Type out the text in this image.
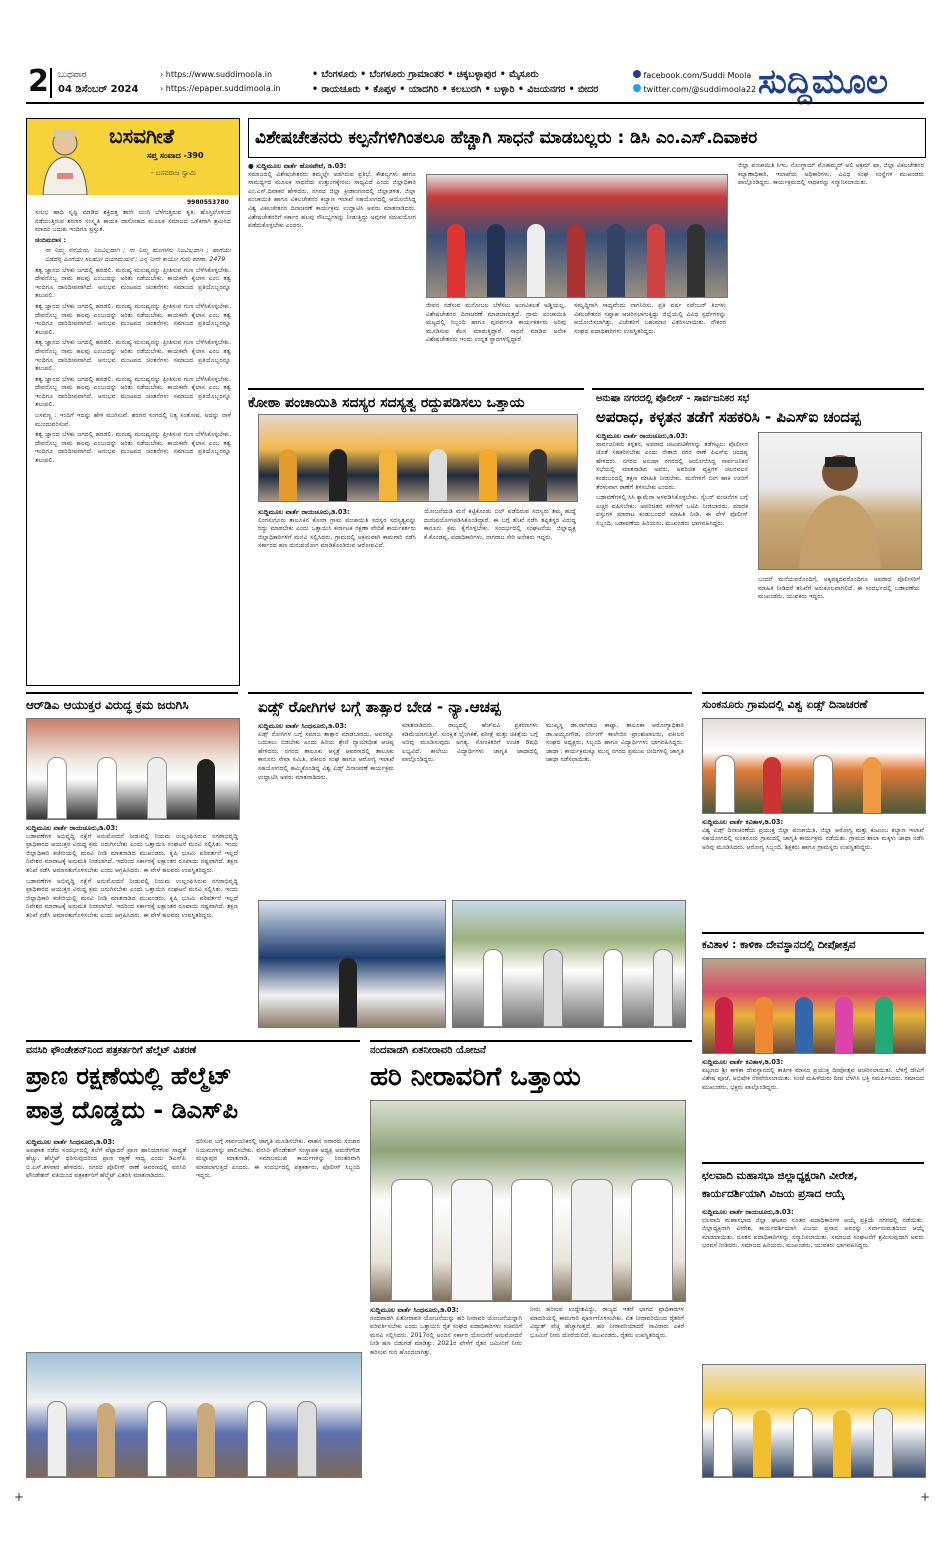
2 ಬುಧವಾರ
04 ಡಿಸೆಂಬರ್ 2024
› https://www.suddimoola.in
› https://epaper.suddimoola.in
• ಬೆಂಗಳೂರು • ಬೆಂಗಳೂರು ಗ್ರಾಮಾಂತರ • ಚಿಕ್ಕಬಳ್ಳಾಪುರ • ಮೈಸೂರು
• ರಾಯಚೂರು • ಕೊಪ್ಪಳ • ಯಾದಗಿರಿ • ಕಲಬುರಗಿ • ಬಳ್ಳಾರಿ • ವಿಜಯನಗರ • ಬೀದರ
facebook.com/Suddi Moola
twitter.com/@suddimoola22 ಸುದ್ದಿಮೂಲ
ಬಸವಗೀತೆ
ಸಪ್ತ ಸಂವಾದ -390
- ಬಸವರಾಜ ಸ್ವಾಮಿ
9980553780

ಸುಲಭ ಹಾದಿ ಸೃಷ್ಟಿ ಮಾಡಿದ ಶಕ್ತಿದತ್ತ ತಾನೇ ನುಂಗಿ ಬೆಳೆಗುತ್ತಿರುವ ಕೃತಿ. ಹೊಸ್ತಿಲೊಳಿಂದ ನಡೆಯುತ್ತಿರುವ ಶರಣರ ಸಂಸ್ಕೃತಿ ಕಾಯಕ ದಾಸೋಹದ ಮೂಲಕ ಸಮಾಜದ ಒಳಿತಿಗಾಗಿ ಶ್ರಮಿಸಿದ ಮಾದರಿ ಬದುಕು ಇಂದಿಗೂ ಪ್ರಸ್ತುತ.

ಚಂದಿಮದಾಸ :

ನಾ ನಿಮ್ಮ ನೆನೆಯೆನು, ನಿಜವಿಲ್ಲದಾಗಿ ; ನಾ ನಿಮ್ಮ ಹೊಗಳೆನು ನಿಜವಿಲ್ಲದಾಗಿ ; ಹಾಗೆಯೇ ಬಿಡದೆನ್ನ ಹಿಂಗೆಯೇ ಸಲಹೋ ದಯಾಮಯನೆ ; ಎನ್ನ ನೀನೇ ಕಾಯೋ ಗುರು ಶರಣಾ. 2479

ತತ್ವ ಜ್ಞಾನದ ಬೆಳಕು ಜಗದಲ್ಲಿ ಹರಡಲಿ. ಮನುಷ್ಯ ಮನುಷ್ಯನನ್ನು ಪ್ರೀತಿಸುವ ಗುಣ ಬೆಳೆಸಿಕೊಳ್ಳಬೇಕು. ದೇವನೊಬ್ಬ ನಾಮ ಹಲವು ಎಂಬುದನ್ನು ಅರಿತು ನಡೆಯಬೇಕು. ಕಾಯಕವೇ ಕೈಲಾಸ ಎಂಬ ತತ್ವ ಇಂದಿಗೂ ದಾರಿದೀಪವಾಗಿದೆ. ಅನುಭವ ಮಂಟಪದ ಚಿಂತನೆಗಳು ಸಮಾಜದ ಪ್ರತಿಯೊಬ್ಬರನ್ನೂ ತಲುಪಲಿ.

ತತ್ವ ಜ್ಞಾನದ ಬೆಳಕು ಜಗದಲ್ಲಿ ಹರಡಲಿ. ಮನುಷ್ಯ ಮನುಷ್ಯನನ್ನು ಪ್ರೀತಿಸುವ ಗುಣ ಬೆಳೆಸಿಕೊಳ್ಳಬೇಕು. ದೇವನೊಬ್ಬ ನಾಮ ಹಲವು ಎಂಬುದನ್ನು ಅರಿತು ನಡೆಯಬೇಕು. ಕಾಯಕವೇ ಕೈಲಾಸ ಎಂಬ ತತ್ವ ಇಂದಿಗೂ ದಾರಿದೀಪವಾಗಿದೆ. ಅನುಭವ ಮಂಟಪದ ಚಿಂತನೆಗಳು ಸಮಾಜದ ಪ್ರತಿಯೊಬ್ಬರನ್ನೂ ತಲುಪಲಿ.

ತತ್ವ ಜ್ಞಾನದ ಬೆಳಕು ಜಗದಲ್ಲಿ ಹರಡಲಿ. ಮನುಷ್ಯ ಮನುಷ್ಯನನ್ನು ಪ್ರೀತಿಸುವ ಗುಣ ಬೆಳೆಸಿಕೊಳ್ಳಬೇಕು. ದೇವನೊಬ್ಬ ನಾಮ ಹಲವು ಎಂಬುದನ್ನು ಅರಿತು ನಡೆಯಬೇಕು. ಕಾಯಕವೇ ಕೈಲಾಸ ಎಂಬ ತತ್ವ ಇಂದಿಗೂ ದಾರಿದೀಪವಾಗಿದೆ. ಅನುಭವ ಮಂಟಪದ ಚಿಂತನೆಗಳು ಸಮಾಜದ ಪ್ರತಿಯೊಬ್ಬರನ್ನೂ ತಲುಪಲಿ.

ತತ್ವ ಜ್ಞಾನದ ಬೆಳಕು ಜಗದಲ್ಲಿ ಹರಡಲಿ. ಮನುಷ್ಯ ಮನುಷ್ಯನನ್ನು ಪ್ರೀತಿಸುವ ಗುಣ ಬೆಳೆಸಿಕೊಳ್ಳಬೇಕು. ದೇವನೊಬ್ಬ ನಾಮ ಹಲವು ಎಂಬುದನ್ನು ಅರಿತು ನಡೆಯಬೇಕು. ಕಾಯಕವೇ ಕೈಲಾಸ ಎಂಬ ತತ್ವ ಇಂದಿಗೂ ದಾರಿದೀಪವಾಗಿದೆ. ಅನುಭವ ಮಂಟಪದ ಚಿಂತನೆಗಳು ಸಮಾಜದ ಪ್ರತಿಯೊಬ್ಬರನ್ನೂ ತಲುಪಲಿ.

ಬಸವಣ್ಣ : ಇಂದಿಗೆ ಇದನ್ನು ಹೇಳಿ ಮುಗಿಸುವೆ. ಶರಣರ ಸಂಗದಲ್ಲಿ ನಿತ್ಯ ಸಂತೋಷ. ಅದನ್ನು ನಾಳೆ ಮುಂದುವರಿಸುವೆ.

ತತ್ವ ಜ್ಞಾನದ ಬೆಳಕು ಜಗದಲ್ಲಿ ಹರಡಲಿ. ಮನುಷ್ಯ ಮನುಷ್ಯನನ್ನು ಪ್ರೀತಿಸುವ ಗುಣ ಬೆಳೆಸಿಕೊಳ್ಳಬೇಕು. ದೇವನೊಬ್ಬ ನಾಮ ಹಲವು ಎಂಬುದನ್ನು ಅರಿತು ನಡೆಯಬೇಕು. ಕಾಯಕವೇ ಕೈಲಾಸ ಎಂಬ ತತ್ವ ಇಂದಿಗೂ ದಾರಿದೀಪವಾಗಿದೆ. ಅನುಭವ ಮಂಟಪದ ಚಿಂತನೆಗಳು ಸಮಾಜದ ಪ್ರತಿಯೊಬ್ಬರನ್ನೂ ತಲುಪಲಿ.

ವಿಶೇಷಚೇತನರು ಕಲ್ಪನೆಗಳಿಗಿಂತಲೂ ಹೆಚ್ಚಾಗಿ ಸಾಧನೆ ಮಾಡಬಲ್ಲರು : ಡಿಸಿ ಎಂ.ಎಸ್.ದಿವಾಕರ
● ಸುದ್ದಿಮೂಲ ವಾರ್ತೆ ಹೊಸಪೇಟೆ, ಡಿ.03:

ಸಮಾಜದಲ್ಲಿ ವಿಶೇಷಚೇತನರು ತಮ್ಮಲ್ಲೇ ಅಡಗಿರುವ ಪ್ರತಿಭೆ, ಕೌಶಲ್ಯಗಳು ಹಾಗೂ ಸಾಮರ್ಥ್ಯದ ಮೂಲಕ ಸಾಧನೆಯ ಉತ್ತುಂಗಕ್ಕೇರಲು ಸಾಧ್ಯವಿದೆ ಎಂದು ಜಿಲ್ಲಾಧಿಕಾರಿ ಎಂ.ಎಸ್.ದಿವಾಕರ ಹೇಳಿದರು. ನಗರದ ಜಿಲ್ಲಾ ಕ್ರೀಡಾಂಗಣದಲ್ಲಿ ಜಿಲ್ಲಾಡಳಿತ, ಜಿಲ್ಲಾ ಪಂಚಾಯಿತಿ ಹಾಗೂ ವಿಕಲಚೇತನರ ಕಲ್ಯಾಣ ಇಲಾಖೆ ಸಹಯೋಗದಲ್ಲಿ ಆಯೋಜಿಸಿದ್ದ ವಿಶ್ವ ವಿಕಲಚೇತನರ ದಿನಾಚರಣೆ ಕಾರ್ಯಕ್ರಮ ಉದ್ಘಾಟಿಸಿ ಅವರು ಮಾತನಾಡಿದರು. ವಿಶೇಷಚೇತನರಿಗೆ ಸರ್ಕಾರ ಹಲವು ಸೌಲಭ್ಯಗಳನ್ನು ನೀಡುತ್ತಿದ್ದು ಅವುಗಳ ಸದುಪಯೋಗ ಪಡೆದುಕೊಳ್ಳಬೇಕು ಎಂದರು.

ಜೀವನ ನಡೆಸುವ ಮನೋಬಲ ಬೆಳೆಸಲು ಅಂಗವಿಕಲತೆ ಅಡ್ಡಿಯಲ್ಲ, ವಿಶೇಷಚೇತನರ ದಿನಾಚರಣೆ ಮಾಡಲಾಗುತ್ತದೆ. ಗ್ರಾಮ ಪಂಚಾಯಿತಿ ಮಟ್ಟದಲ್ಲಿ ಸಿಬ್ಬಂದಿ ಹಾಗೂ ಪುನರ್ವಸತಿ ಕಾರ್ಯಕರ್ತರು ಅರಿವು ಮೂಡಿಸುವ ಕೆಲಸ ಮಾಡುತ್ತಿದ್ದಾರೆ. ಸಾಧನೆ ಮಾಡಿದ ಅನೇಕ ವಿಶೇಷಚೇತನರು ಇಂದು ಉನ್ನತ ಸ್ಥಾನಗಳಲ್ಲಿದ್ದಾರೆ.
ಸಮೃದ್ಧಿಗಾಗಿ ಸಾಧ್ಯವೆಂದು ನಾಗನಿರಿಸು. ಪ್ರತಿ ವರ್ಷ ನವೆಂಬರ್ ತಿಂಗಳು ವಿಕಲಚೇತನರ ಸಪ್ತಾಹ ಆಚರಿಸಲಾಗುತ್ತಿದ್ದು ಜಿಲ್ಲೆಯಲ್ಲಿ ವಿವಿಧ ಸ್ಪರ್ಧೆಗಳನ್ನು ಆಯೋಜಿಸಲಾಗಿತ್ತು. ವಿಜೇತರಿಗೆ ಬಹುಮಾನ ವಿತರಿಸಲಾಯಿತು. ನೌಕರರ ಸಂಘದ ಪದಾಧಿಕಾರಿಗಳು ಉಪಸ್ಥಿತರಿದ್ದರು.
ಜಿಲ್ಲಾ ಪಂಚಾಯಿತಿ ಸಿಇಒ ನೊಂಗ್ಜಾಯ್ ಮೊಹಮ್ಮದ್ ಅಲಿ ಅಕ್ರಮ್ ಷಾ, ಜಿಲ್ಲಾ ವಿಕಲಚೇತನರ ಕಲ್ಯಾಣಾಧಿಕಾರಿ, ಇಲಾಖೆಯ ಅಧಿಕಾರಿಗಳು, ವಿವಿಧ ಸಂಘ ಸಂಸ್ಥೆಗಳ ಮುಖಂಡರು ಪಾಲ್ಗೊಂಡಿದ್ದರು. ಕಾರ್ಯಕ್ರಮದಲ್ಲಿ ಸಾಧಕರನ್ನು ಸನ್ಮಾನಿಸಲಾಯಿತು.
ಕೋಠಾ ಪಂಚಾಯಿತಿ ಸದಸ್ಯರ ಸದಸ್ಯತ್ವ ರದ್ದುಪಡಿಸಲು ಒತ್ತಾಯ
ಸುದ್ದಿಮೂಲ ವಾರ್ತೆ ರಾಯಚೂರು,ಡಿ.03:

ಲಿಂಗಸುಗೂರು ತಾಲೂಕಿನ ಕೋಠಾ ಗ್ರಾಮ ಪಂಚಾಯಿತಿ ಸದಸ್ಯರ ಸದಸ್ಯತ್ವವನ್ನು ರದ್ದು ಮಾಡಬೇಕು ಎಂದು ಒತ್ತಾಯಿಸಿ ಕರ್ನಾಟಕ ರಕ್ಷಣಾ ವೇದಿಕೆ ಕಾರ್ಯಕರ್ತರು ಜಿಲ್ಲಾಧಿಕಾರಿಗಳಿಗೆ ಮನವಿ ಸಲ್ಲಿಸಿದರು. ಗ್ರಾಮದಲ್ಲಿ ಅಕ್ರಮವಾಗಿ ಕಾಮಗಾರಿ ನಡೆಸಿ ಸರ್ಕಾರದ ಹಣ ದುರುಪಯೋಗ ಮಾಡಿಕೊಂಡಿರುವ ಆರೋಪವಿದೆ.

ಯೋಜನೆಯಡಿ ಮನೆ ಕಟ್ಟಿಕೊಂಡು ಬಿಲ್ ಪಡೆದಿರುವ ಸದಸ್ಯರು ತಮ್ಮ ಹುದ್ದೆ ದುರುಪಯೋಗಪಡಿಸಿಕೊಂಡಿದ್ದಾರೆ. ಈ ಬಗ್ಗೆ ತನಿಖೆ ನಡೆಸಿ ತಪ್ಪಿತಸ್ಥರ ವಿರುದ್ಧ ಕಾನೂನು ಕ್ರಮ ಕೈಗೊಳ್ಳಬೇಕು. ಸಂದರ್ಭದಲ್ಲಿ ಸಂಘಟನೆಯ ಜಿಲ್ಲಾಧ್ಯಕ್ಷ ಕೆ.ಕೊಂಡಪ್ಪ, ಪದಾಧಿಕಾರಿಗಳು, ನಾಗರಾಜ ಸೇರಿ ಅನೇಕರು ಇದ್ದರು.
ಅನುಷಾ ನಗರದಲ್ಲಿ ಪೊಲೀಸ್ - ಸಾರ್ವಜನಿಕರ ಸಭೆ
ಅಪರಾಧ, ಕಳ್ಳತನ ತಡೆಗೆ ಸಹಕರಿಸಿ - ಪಿಎಸ್‌ಐ ಚಂದಪ್ಪ
ಸುದ್ದಿಮೂಲ ವಾರ್ತೆ ರಾಯಚೂರು,ಡಿ.03:

ಸಾರ್ವಜನಿಕರು ಕಳ್ಳತನ, ಅಪರಾಧ ಚಟುವಟಿಕೆಗಳನ್ನು ತಡೆಗಟ್ಟಲು ಪೊಲೀಸರ ಜೊತೆ ಸಹಕರಿಸಬೇಕು ಎಂದು ನೇತಾಜಿ ನಗರ ಠಾಣೆ ಪಿಎಸ್‌ಐ ಚಂದಪ್ಪ ಹೇಳಿದರು. ನಗರದ ಅನುಷಾ ನಗರದಲ್ಲಿ ಆಯೋಜಿಸಿದ್ದ ಸಾರ್ವಜನಿಕರ ಸಭೆಯಲ್ಲಿ ಮಾತನಾಡಿದ ಅವರು, ಅಪರಿಚಿತ ವ್ಯಕ್ತಿಗಳ ಚಲನವಲನ ಕಂಡುಬಂದಲ್ಲಿ ತಕ್ಷಣ ಮಾಹಿತಿ ನೀಡಬೇಕು. ಮನೆಗಳಿಗೆ ಬೀಗ ಹಾಕಿ ಊರಿಗೆ ತೆರಳುವಾಗ ಠಾಣೆಗೆ ತಿಳಿಸಬೇಕು ಎಂದರು.

ಬಡಾವಣೆಗಳಲ್ಲಿ ಸಿಸಿ ಕ್ಯಾಮೆರಾ ಅಳವಡಿಸಿಕೊಳ್ಳಬೇಕು. ಸೈಬರ್ ವಂಚನೆಗಳ ಬಗ್ಗೆ ಎಚ್ಚರ ವಹಿಸಬೇಕು. ಅಪರಿಚಿತರ ಕರೆಗಳಿಗೆ ಒಟಿಪಿ ನೀಡಬಾರದು. ಮಾದಕ ವಸ್ತುಗಳ ಮಾರಾಟ ಕಂಡುಬಂದರೆ ಮಾಹಿತಿ ನೀಡಿ. ಈ ವೇಳೆ ಪೊಲೀಸ್ ಸಿಬ್ಬಂದಿ, ಬಡಾವಣೆಯ ಹಿರಿಯರು, ಮುಖಂಡರು ಭಾಗವಹಿಸಿದ್ದರು.

ಬಂದರೆ ಮನೆಯವರೊಂದಿಗೆ, ಅಕ್ಕಪಕ್ಕದವರೊಂದಿಗೂ ಅಪರಾಧ ಪೊಲೀಸರಿಗೆ ಮಾಹಿತಿ ನೀಡಿದರೆ ತನಿಖೆಗೆ ಅನುಕೂಲವಾಗಲಿದೆ. ಈ ಸಂದರ್ಭದಲ್ಲಿ ಬಡಾವಣೆಯ ಮುಖಂಡರು, ಯುವಕರು ಇದ್ದರು.
ಆರ್‌ಡಿಎ ಆಯುಕ್ತರ ವಿರುದ್ಧ ಕ್ರಮ ಜರುಗಿಸಿ
ಸುದ್ದಿಮೂಲ ವಾರ್ತೆ ರಾಯಚೂರು,ಡಿ.03:

ಬಡಾವಣೆಗಳ ಅಭಿವೃದ್ಧಿ ನಕ್ಷೆಗೆ ಅನುಮೋದನೆ ನೀಡುವಲ್ಲಿ ನಿಯಮ ಉಲ್ಲಂಘಿಸಿರುವ ನಗರಾಭಿವೃದ್ಧಿ ಪ್ರಾಧಿಕಾರದ ಆಯುಕ್ತರ ವಿರುದ್ಧ ಕ್ರಮ ಜರುಗಿಸಬೇಕು ಎಂದು ಒತ್ತಾಯಿಸಿ ಸಂಘಟನೆ ಮನವಿ ಸಲ್ಲಿಸಿತು. ಇಂದು ಜಿಲ್ಲಾಧಿಕಾರಿ ಕಚೇರಿಯಲ್ಲಿ ಮನವಿ ನೀಡಿ ಮಾತನಾಡಿದ ಮುಖಂಡರು, ಕೃಷಿ ಭೂಮಿ ಪರಿವರ್ತನೆ ಇಲ್ಲದೆ ನಿವೇಶನ ಮಾರಾಟಕ್ಕೆ ಅನುಮತಿ ನೀಡಲಾಗಿದೆ. ಇದರಿಂದ ಸರ್ಕಾರಕ್ಕೆ ಲಕ್ಷಾಂತರ ರೂಪಾಯಿ ನಷ್ಟವಾಗಿದೆ. ತಕ್ಷಣ ತನಿಖೆ ನಡೆಸಿ ಅಮಾನತುಗೊಳಿಸಬೇಕು ಎಂದು ಆಗ್ರಹಿಸಿದರು. ಈ ವೇಳೆ ಹಲವರು ಉಪಸ್ಥಿತರಿದ್ದರು.

ಬಡಾವಣೆಗಳ ಅಭಿವೃದ್ಧಿ ನಕ್ಷೆಗೆ ಅನುಮೋದನೆ ನೀಡುವಲ್ಲಿ ನಿಯಮ ಉಲ್ಲಂಘಿಸಿರುವ ನಗರಾಭಿವೃದ್ಧಿ ಪ್ರಾಧಿಕಾರದ ಆಯುಕ್ತರ ವಿರುದ್ಧ ಕ್ರಮ ಜರುಗಿಸಬೇಕು ಎಂದು ಒತ್ತಾಯಿಸಿ ಸಂಘಟನೆ ಮನವಿ ಸಲ್ಲಿಸಿತು. ಇಂದು ಜಿಲ್ಲಾಧಿಕಾರಿ ಕಚೇರಿಯಲ್ಲಿ ಮನವಿ ನೀಡಿ ಮಾತನಾಡಿದ ಮುಖಂಡರು, ಕೃಷಿ ಭೂಮಿ ಪರಿವರ್ತನೆ ಇಲ್ಲದೆ ನಿವೇಶನ ಮಾರಾಟಕ್ಕೆ ಅನುಮತಿ ನೀಡಲಾಗಿದೆ. ಇದರಿಂದ ಸರ್ಕಾರಕ್ಕೆ ಲಕ್ಷಾಂತರ ರೂಪಾಯಿ ನಷ್ಟವಾಗಿದೆ. ತಕ್ಷಣ ತನಿಖೆ ನಡೆಸಿ ಅಮಾನತುಗೊಳಿಸಬೇಕು ಎಂದು ಆಗ್ರಹಿಸಿದರು. ಈ ವೇಳೆ ಹಲವರು ಉಪಸ್ಥಿತರಿದ್ದರು.

ಏಡ್ಸ್ ರೋಗಿಗಳ ಬಗ್ಗೆ ತಾತ್ಸಾರ ಬೇಡ - ನ್ಯಾ.ಆಚಪ್ಪ
ಸುದ್ದಿಮೂಲ ವಾರ್ತೆ ಸಿಂಧನೂರು,ಡಿ.03:

ಏಡ್ಸ್ ರೋಗಿಗಳ ಬಗ್ಗೆ ಸಮಾಜ ತಾತ್ಸಾರ ಮಾಡಬಾರದು, ಅವರನ್ನೂ ಬದುಕಲು ಬಿಡಬೇಕು ಎಂದು ಹಿರಿಯ ಶ್ರೇಣಿ ನ್ಯಾಯಾಧೀಶ ಆಚಪ್ಪ ಹೇಳಿದರು. ನಗರದ ತಾಲೂಕು ಆಸ್ಪತ್ರೆ ಆವರಣದಲ್ಲಿ ತಾಲೂಕು ಕಾನೂನು ಸೇವಾ ಸಮಿತಿ, ವಕೀಲರ ಸಂಘ ಹಾಗೂ ಆರೋಗ್ಯ ಇಲಾಖೆ ಸಹಯೋಗದಲ್ಲಿ ಹಮ್ಮಿಕೊಂಡಿದ್ದ ವಿಶ್ವ ಏಡ್ಸ್ ದಿನಾಚರಣೆ ಕಾರ್ಯಕ್ರಮ ಉದ್ಘಾಟಿಸಿ ಅವರು ಮಾತನಾಡಿದರು.

ಮಾತನಾಡಿದರು. ರಾಜ್ಯದಲ್ಲಿ ಹೆಚ್‌ಐವಿ ಪ್ರಕರಣಗಳು ಕಡಿಮೆಯಾಗುತ್ತಿವೆ. ಸುರಕ್ಷಿತ ಲೈಂಗಿಕತೆ, ಪರೀಕ್ಷೆ ಮತ್ತು ಚಿಕಿತ್ಸೆಯ ಬಗ್ಗೆ ಅರಿವು ಮೂಡಿಸುವುದು ಅಗತ್ಯ. ಸೋಂಕಿತರಿಗೆ ಉಚಿತ ಔಷಧಿ ಲಭ್ಯವಿದೆ. ಕಾಲೇಜು ವಿದ್ಯಾರ್ಥಿಗಳು ಜಾಗೃತಿ ಜಾಥಾದಲ್ಲಿ ಪಾಲ್ಗೊಂಡಿದ್ದರು.
ಮುಖ್ಯಸ್ಥ ಡಾ.ನಾಗರಾಜ ಕಾಟ್ವಾ, ತಾಲೂಕಾ ಆರೋಗ್ಯಾಧಿಕಾರಿ ಡಾ.ಅಯ್ಯನಗೌಡ, ನರ್ಸಿಂಗ್ ಕಾಲೇಜಿನ ಪ್ರಾಂಶುಪಾಲರು, ವಕೀಲರ ಸಂಘದ ಅಧ್ಯಕ್ಷರು, ಸಿಬ್ಬಂದಿ ಹಾಗೂ ವಿದ್ಯಾರ್ಥಿಗಳು ಭಾಗವಹಿಸಿದ್ದರು. ಜಾಥಾ : ಕಾರ್ಯಕ್ರಮಕ್ಕೂ ಮುನ್ನ ನಗರದ ಪ್ರಮುಖ ಬೀದಿಗಳಲ್ಲಿ ಜಾಗೃತಿ ಜಾಥಾ ನಡೆಸಲಾಯಿತು.
ಸುಂಕನೂರು ಗ್ರಾಮದಲ್ಲಿ ವಿಶ್ವ ಏಡ್ಸ್ ದಿನಾಚರಣೆ
ಸುದ್ದಿಮೂಲ ವಾರ್ತೆ ಕವಿತಾಳ,ಡಿ.03:

ವಿಶ್ವ ಏಡ್ಸ್ ದಿನಾಚರಣೆಯ ಪ್ರಯುಕ್ತ ಜಿಲ್ಲಾ ಪಂಚಾಯಿತಿ, ಜಿಲ್ಲಾ ಆರೋಗ್ಯ ಮತ್ತು ಕುಟುಂಬ ಕಲ್ಯಾಣ ಇಲಾಖೆ ಸಹಯೋಗದಲ್ಲಿ ಸುಂಕನೂರು ಗ್ರಾಮದಲ್ಲಿ ಜಾಗೃತಿ ಕಾರ್ಯಕ್ರಮ ನಡೆಯಿತು. ಗ್ರಾಮದ ಶಾಲಾ ಮಕ್ಕಳು ಜಾಥಾ ನಡೆಸಿ ಅರಿವು ಮೂಡಿಸಿದರು. ಆರೋಗ್ಯ ಸಿಬ್ಬಂದಿ, ಶಿಕ್ಷಕರು ಹಾಗೂ ಗ್ರಾಮಸ್ಥರು ಉಪಸ್ಥಿತರಿದ್ದರು.

ಕವಿತಾಳ : ಕಾಳಿಕಾ ದೇವಸ್ಥಾನದಲ್ಲಿ ದೀಪೋತ್ಸವ
ಸುದ್ದಿಮೂಲ ವಾರ್ತೆ ಕವಿತಾಳ,ಡಿ.03:

ಪಟ್ಟಣದ ಶ್ರೀ ಕಾಳಿಕಾ ದೇವಸ್ಥಾನದಲ್ಲಿ ಕಾರ್ತಿಕ ಮಾಸದ ಪ್ರಯುಕ್ತ ದೀಪೋತ್ಸವ ಆಚರಿಸಲಾಯಿತು. ಬೆಳಿಗ್ಗೆ ದೇವಿಗೆ ವಿಶೇಷ ಪೂಜೆ, ಅಭಿಷೇಕ ನೆರವೇರಿಸಲಾಯಿತು. ಸಂಜೆ ಮಹಿಳೆಯರು ದೀಪ ಬೆಳಗಿಸಿ ಭಕ್ತಿ ಸಮರ್ಪಿಸಿದರು. ಸಮಾಜದ ಮುಖಂಡರು, ಭಕ್ತರು ಪಾಲ್ಗೊಂಡಿದ್ದರು.

ವನಸಿರಿ ಫೌಂಡೇಶನ್‌ನಿಂದ ಪತ್ರಕರ್ತರಿಗೆ ಹೆಲ್ಮೆಟ್ ವಿತರಣೆ
ಪ್ರಾಣ ರಕ್ಷಣೆಯಲ್ಲಿ ಹೆಲ್ಮೆಟ್
ಪಾತ್ರ ದೊಡ್ಡದು - ಡಿಎಸ್‌ಪಿ
ಸುದ್ದಿಮೂಲ ವಾರ್ತೆ ಸಿಂಧನೂರು,ಡಿ.03:

ಅಪಘಾತ ನಡೆದ ಸಂದರ್ಭದಲ್ಲಿ ತಲೆಗೆ ಪೆಟ್ಟಾದರೆ ಪ್ರಾಣ ಹಾನಿಯಾಗುವ ಸಾಧ್ಯತೆ ಹೆಚ್ಚು. ಹೆಲ್ಮೆಟ್ ಧರಿಸುವುದರಿಂದ ಪ್ರಾಣ ರಕ್ಷಣೆ ಸಾಧ್ಯ ಎಂದು ಡಿಎಸ್‌ಪಿ ಬಿ.ಎಸ್.ತಳವಾರ ಹೇಳಿದರು. ನಗರದ ಪೊಲೀಸ್ ಠಾಣೆ ಆವರಣದಲ್ಲಿ ವನಸಿರಿ ಫೌಂಡೇಶನ್ ವತಿಯಿಂದ ಪತ್ರಕರ್ತರಿಗೆ ಹೆಲ್ಮೆಟ್ ವಿತರಿಸಿ ಮಾತನಾಡಿದರು.

ಧರಿಸುವ ಬಗ್ಗೆ ಸಾರ್ವಜನಿಕರಲ್ಲಿ ಜಾಗೃತಿ ಮೂಡಿಸಬೇಕು. ವಾಹನ ಸವಾರರು ಸಂಚಾರ ನಿಯಮಗಳನ್ನು ಪಾಲಿಸಬೇಕು. ವನಸಿರಿ ಫೌಂಡೇಶನ್ ಸಂಸ್ಥಾಪಕ ಅಧ್ಯಕ್ಷ ಅಮರೇಗೌಡ ಮಲ್ಲಾಪುರ ಮಾತನಾಡಿ, ಸಮಾಜಮುಖಿ ಕಾರ್ಯಗಳನ್ನು ನಿರಂತರವಾಗಿ ಮಾಡಲಾಗುತ್ತಿದೆ ಎಂದರು. ಈ ಸಂದರ್ಭದಲ್ಲಿ ಪತ್ರಕರ್ತರು, ಪೊಲೀಸ್ ಸಿಬ್ಬಂದಿ ಇದ್ದರು.
ನಂದವಾಡಗಿ ಏತನೀರಾವರಿ ಯೋಜನೆ
ಹರಿ ನೀರಾವರಿಗೆ ಒತ್ತಾಯ
ಸುದ್ದಿಮೂಲ ವಾರ್ತೆ ಸಿಂಧನೂರು,ಡಿ.03:

ನಂದವಾಡಗಿ ಏತನೀರಾವರಿ ಯೋಜನೆಯನ್ನು ಹರಿ ನೀರಾವರಿ ಯೋಜನೆಯನ್ನಾಗಿ ಪರಿವರ್ತಿಸಬೇಕು ಎಂದು ಒತ್ತಾಯಿಸಿ ರೈತ ಸಂಘದ ಪದಾಧಿಕಾರಿಗಳು ಸಚಿವರಿಗೆ ಮನವಿ ಸಲ್ಲಿಸಿದರು. 2017ರಲ್ಲಿ ಅಂದಿನ ಸರ್ಕಾರ ಯೋಜನೆಗೆ ಅನುಮೋದನೆ ನೀಡಿ ಹಣ ಬಿಡುಗಡೆ ಮಾಡಿತ್ತು. 2021ರ ವೇಳೆಗೆ ರೈತರ ಜಮೀನಿಗೆ ನೀರು ಹರಿಸುವ ಗುರಿ ಹೊಂದಲಾಗಿತ್ತು.

ನೀರು ಹರಿಸುವ ಉದ್ದೇಶವಿದ್ದು, ರಾಜ್ಯದ ಇತರೆ ಭಾಗದ ಪ್ರಾಧಿಕಾರಗಳ ಮಾದರಿಯಲ್ಲಿ ಕಾಮಗಾರಿ ಪೂರ್ಣಗೊಳಿಸಬೇಕು. ಏತ ನೀರಾವರಿಯಿಂದ ರೈತರಿಗೆ ವಿದ್ಯುತ್ ವೆಚ್ಚ ಹೆಚ್ಚಾಗುತ್ತದೆ. ಹರಿ ನೀರಾವರಿಯಾದರೆ ಸಾವಿರಾರು ಎಕರೆ ಭೂಮಿಗೆ ನೀರು ದೊರೆಯಲಿದೆ. ಮುಖಂಡರು, ರೈತರು ಉಪಸ್ಥಿತರಿದ್ದರು.
ಛಲವಾದಿ ಮಹಾಸಭಾ ಜಿಲ್ಲಾಧ್ಯಕ್ಷರಾಗಿ ವೀರೇಶ,
ಕಾರ್ಯದರ್ಶಿಯಾಗಿ ವಿಜಯ ಪ್ರಸಾದ ಆಯ್ಕೆ
ಸುದ್ದಿಮೂಲ ವಾರ್ತೆ ರಾಯಚೂರು,ಡಿ.03:

ಛಲವಾದಿ ಮಹಾಸಭಾದ ಜಿಲ್ಲಾ ಘಟಕದ ನೂತನ ಪದಾಧಿಕಾರಿಗಳ ಆಯ್ಕೆ ಪ್ರಕ್ರಿಯೆ ನಗರದಲ್ಲಿ ನಡೆಯಿತು. ಜಿಲ್ಲಾಧ್ಯಕ್ಷರಾಗಿ ವೀರೇಶ, ಕಾರ್ಯದರ್ಶಿಯಾಗಿ ವಿಜಯ ಪ್ರಸಾದ ಅವರನ್ನು ಸರ್ವಾನುಮತದಿಂದ ಆಯ್ಕೆ ಮಾಡಲಾಯಿತು. ನೂತನ ಪದಾಧಿಕಾರಿಗಳನ್ನು ಸನ್ಮಾನಿಸಲಾಯಿತು. ಸಮಾಜದ ಸಂಘಟನೆಗೆ ಶ್ರಮಿಸುವುದಾಗಿ ಅವರು ಭರವಸೆ ನೀಡಿದರು. ಸಮಾಜದ ಹಿರಿಯರು, ಮುಖಂಡರು, ಯುವಕರು ಭಾಗವಹಿಸಿದ್ದರು.

+	+
